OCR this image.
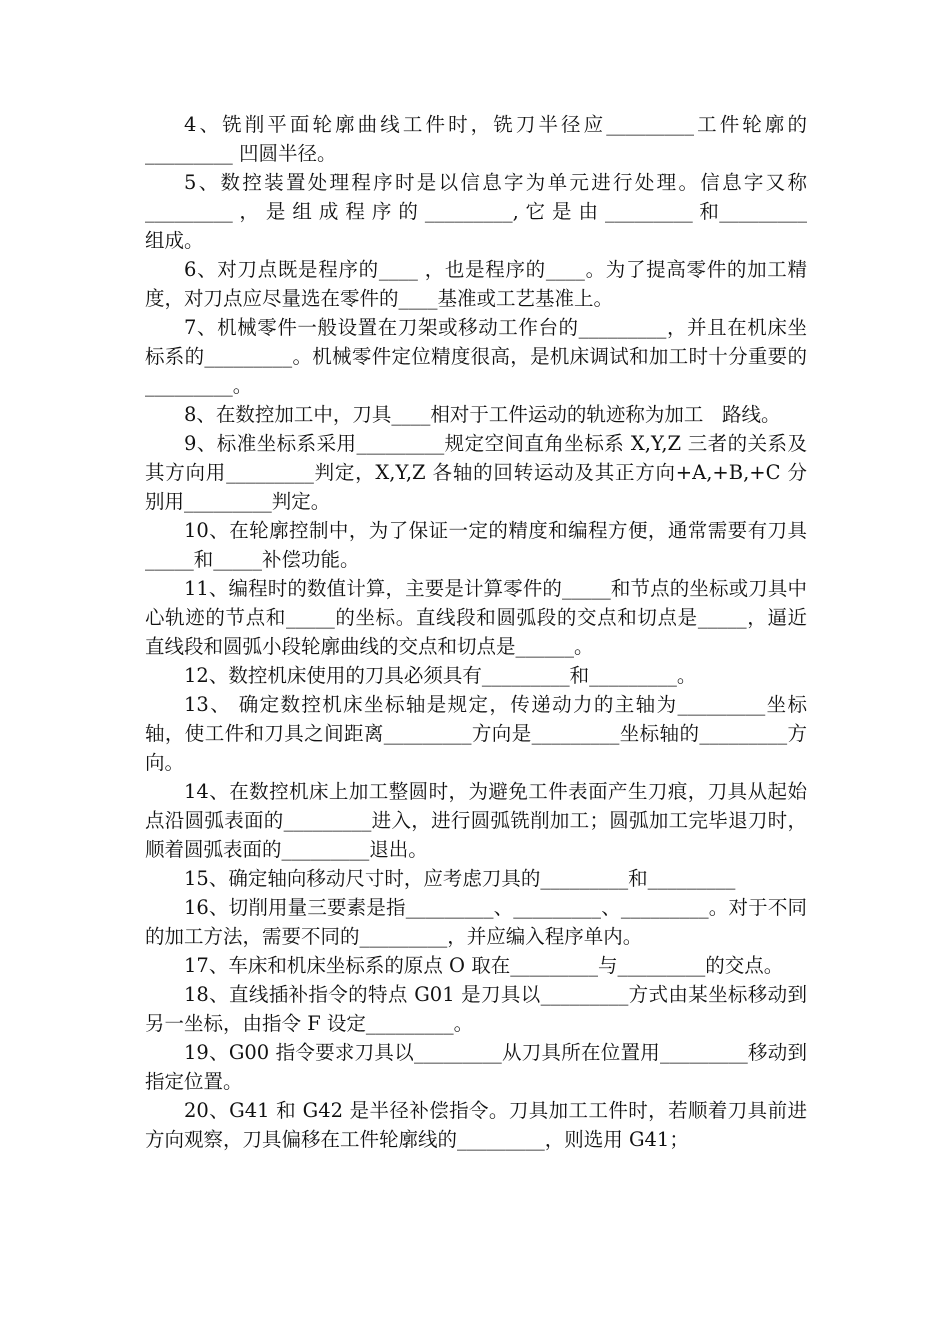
4、铣削平面轮廓曲线工件时，铣刀半径应_________工件轮廓的_________ 凹圆半径。

5、数控装置处理程序时是以信息字为单元进行处理。信息字又称 _________ ， 是 组 成 程 序 的 _________, 它 是 由 _________ 和_________组成。

6、对刀点既是程序的____ ，也是程序的____。为了提高零件的加工精度，对刀点应尽量选在零件的____基准或工艺基准上。

7、机械零件一般设置在刀架或移动工作台的_________，并且在机床坐标系的_________。机械零件定位精度很高，是机床调试和加工时十分重要的_________。

8、在数控加工中，刀具____相对于工件运动的轨迹称为加工   路线。

9、标准坐标系采用_________规定空间直角坐标系 X,Y,Z 三者的关系及其方向用_________判定，X,Y,Z 各轴的回转运动及其正方向+A,+B,+C 分别用_________判定。

10、在轮廓控制中，为了保证一定的精度和编程方便，通常需要有刀具_____和_____补偿功能。

11、编程时的数值计算，主要是计算零件的_____和节点的坐标或刀具中心轨迹的节点和_____的坐标。直线段和圆弧段的交点和切点是_____，逼近直线段和圆弧小段轮廓曲线的交点和切点是______。

12、数控机床使用的刀具必须具有_________和_________。

13、 确定数控机床坐标轴是规定，传递动力的主轴为_________坐标轴，使工件和刀具之间距离_________方向是_________坐标轴的_________方向。

14、在数控机床上加工整圆时，为避免工件表面产生刀痕，刀具从起始点沿圆弧表面的_________进入，进行圆弧铣削加工；圆弧加工完毕退刀时，顺着圆弧表面的_________退出。

15、确定轴向移动尺寸时，应考虑刀具的_________和_________

16、切削用量三要素是指_________、_________、_________。对于不同的加工方法，需要不同的_________，并应编入程序单内。

17、车床和机床坐标系的原点 O 取在_________与_________的交点。

18、直线插补指令的特点 G01 是刀具以_________方式由某坐标移动到另一坐标，由指令 F 设定_________。

19、G00 指令要求刀具以_________从刀具所在位置用_________移动到指定位置。

20、G41 和 G42 是半径补偿指令。刀具加工工件时，若顺着刀具前进方向观察，刀具偏移在工件轮廓线的_________，则选用 G41；
